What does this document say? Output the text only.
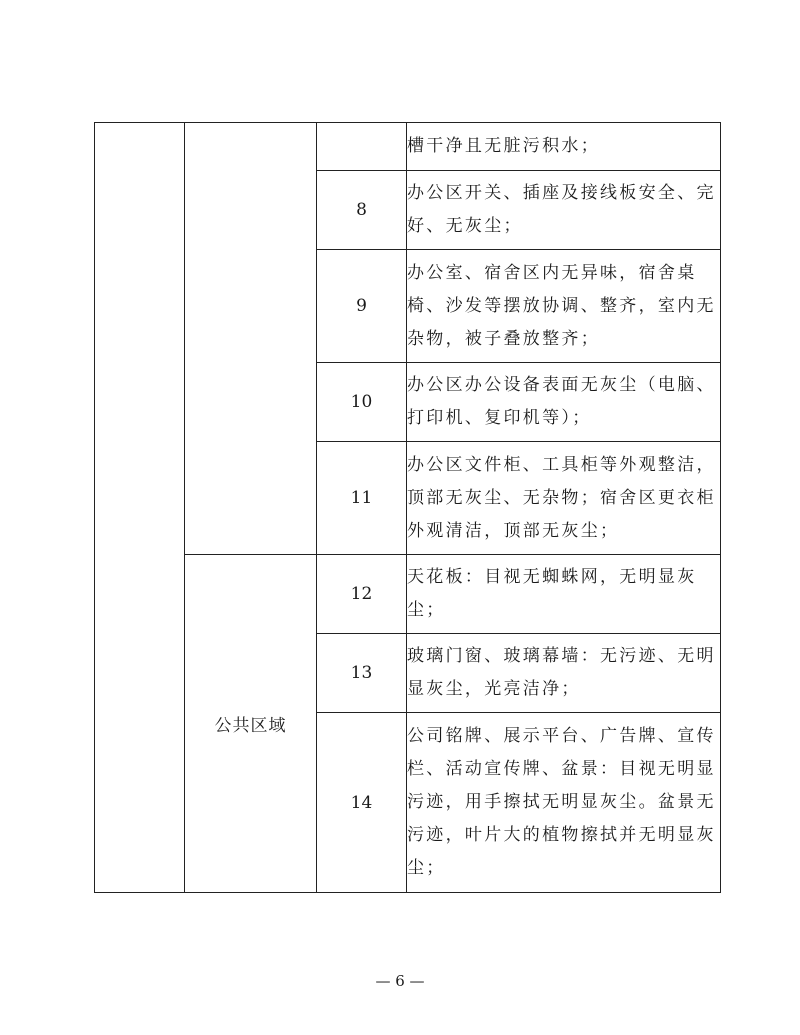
			槽干净且无脏污积水；
		8	办公区开关、插座及接线板安全、完好、无灰尘；
		9	办公室、宿舍区内无异味，宿舍桌椅、沙发等摆放协调、整齐，室内无杂物，被子叠放整齐；
		10	办公区办公设备表面无灰尘（电脑、打印机、复印机等）；
		11	办公区文件柜、工具柜等外观整洁，顶部无灰尘、无杂物；宿舍区更衣柜外观清洁，顶部无灰尘；
	公共区域	12	天花板：目视无蜘蛛网，无明显灰尘；
		13	玻璃门窗、玻璃幕墙：无污迹、无明显灰尘，光亮洁净；
		14	公司铭牌、展示平台、广告牌、宣传栏、活动宣传牌、盆景：目视无明显污迹，用手擦拭无明显灰尘。盆景无污迹，叶片大的植物擦拭并无明显灰尘；
— 6 —
